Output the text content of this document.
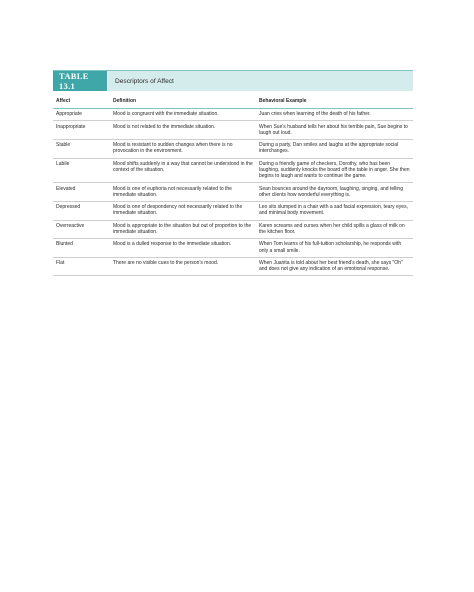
TABLE 13.1	Descriptors of Affect
Affect	Definition	Behavioral Example
Appropriate	Mood is congruent with the immediate situation.	Juan cries when learning of the death of his father.
Inappropriate	Mood is not related to the immediate situation.	When Sue's husband tells her about his terrible pain, Sue begins to laugh out loud.
Stable	Mood is resistant to sudden changes when there is no provocation in the environment.	During a party, Dan smiles and laughs at the appropriate social interchanges.
Labile	Mood shifts suddenly in a way that cannot be understood in the context of the situation.	During a friendly game of checkers, Dorothy, who has been laughing, suddenly knocks the board off the table in anger. She then begins to laugh and wants to continue the game.
Elevated	Mood is one of euphoria not necessarily related to the immediate situation.	Sean bounces around the dayroom, laughing, singing, and telling other clients how wonderful everything is.
Depressed	Mood is one of despondency not necessarily related to the immediate situation.	Leo sits slumped in a chair with a sad facial expression, teary eyes, and minimal body movement.
Overreactive	Mood is appropriate to the situation but out of proportion to the immediate situation.	Karen screams and curses when her child spills a glass of milk on the kitchen floor.
Blunted	Mood is a dulled response to the immediate situation.	When Tom learns of his full-tuition scholarship, he responds with only a small smile.
Flat	There are no visible cues to the person's mood.	When Juanita is told about her best friend's death, she says "Oh" and does not give any indication of an emotional response.
